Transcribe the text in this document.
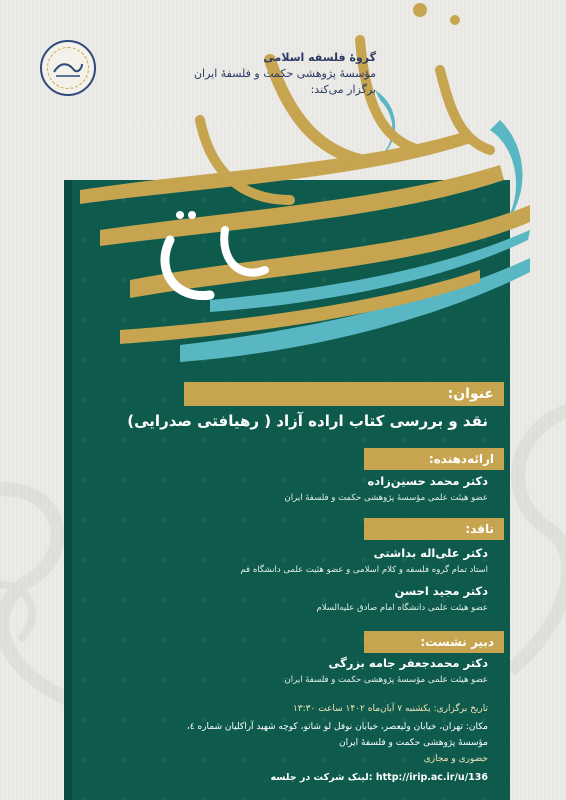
گروهٔ فلسفه اسلامی
مؤسسهٔ پژوهشی حکمت و فلسفهٔ ایران
برگزار می‌کند:
عنوان:
نقد و بررسی کتاب اراده آزاد ( رهیافتی صدرایی)
ارائه‌دهنده:
دکتر محمد حسین‌زاده
عضو هیئت علمی مؤسسهٔ پژوهشی حکمت و فلسفهٔ ایران
ناقد:
دکتر علی‌اله بداشتی
استاد تمام گروه فلسفه و کلام اسلامی و عضو هئیت علمی دانشگاه قم
دکتر مجید احسن
عضو هیئت علمی دانشگاه امام صادق علیه‌السلام
دبیر نشست:
دکتر محمدجعفر جامه بزرگی
عضو هیئت علمی مؤسسهٔ پژوهشی حکمت و فلسفهٔ ایران
تاریخ برگزاری: یکشنبه ۷ آبان‌ماه ۱۴۰۲ ساعت ۱۳:۳۰
مکان: تهران، خیابان ولیعصر، خیابان نوفل لو شاتو، کوچه شهید آراکلیان شماره ٤،
مؤسسهٔ پژوهشی حکمت و فلسفهٔ ایران
حضوری و مجازی
لینک شرکت در جلسه: http://irip.ac.ir/u/136
